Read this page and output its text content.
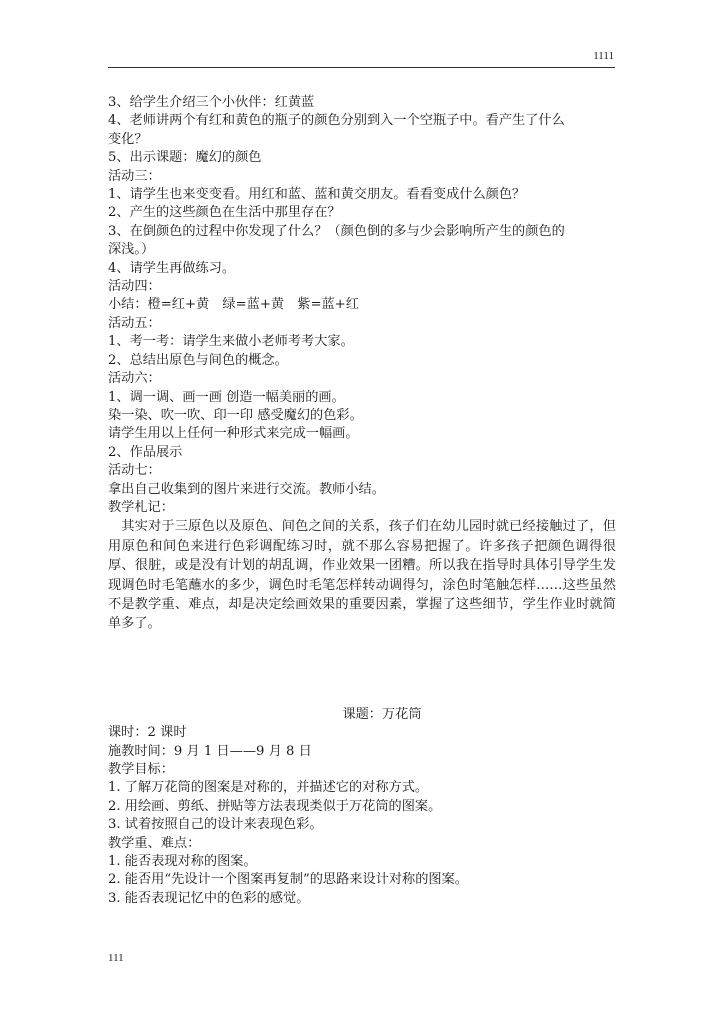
1111
3、给学生介绍三个小伙伴：红黄蓝
4、老师讲两个有红和黄色的瓶子的颜色分别到入一个空瓶子中。看产生了什么
变化？
5、出示课题：魔幻的颜色
活动三：
1、请学生也来变变看。用红和蓝、蓝和黄交朋友。看看变成什么颜色？
2、产生的这些颜色在生活中那里存在？
3、在倒颜色的过程中你发现了什么？（颜色倒的多与少会影响所产生的颜色的
深浅。）
4、请学生再做练习。
活动四：
小结：橙=红+黄　绿=蓝+黄　紫=蓝+红
活动五：
1、考一考：请学生来做小老师考考大家。
2、总结出原色与间色的概念。
活动六：
1、调一调、画一画 创造一幅美丽的画。
染一染、吹一吹、印一印 感受魔幻的色彩。
请学生用以上任何一种形式来完成一幅画。
2、作品展示
活动七：
拿出自己收集到的图片来进行交流。教师小结。
教学札记：
其实对于三原色以及原色、间色之间的关系，孩子们在幼儿园时就已经接触过了，但用原色和间色来进行色彩调配练习时，就不那么容易把握了。许多孩子把颜色调得很厚、很脏，或是没有计划的胡乱调，作业效果一团糟。所以我在指导时具体引导学生发现调色时毛笔蘸水的多少，调色时毛笔怎样转动调得匀，涂色时笔触怎样……这些虽然不是教学重、难点，却是决定绘画效果的重要因素，掌握了这些细节，学生作业时就简单多了。
课题：万花筒
课时：2 课时
施教时间：9 月 1 日——9 月 8 日
教学目标：
1. 了解万花筒的图案是对称的，并描述它的对称方式。
2. 用绘画、剪纸、拼贴等方法表现类似于万花筒的图案。
3. 试着按照自己的设计来表现色彩。
教学重、难点：
1. 能否表现对称的图案。
2. 能否用“先设计一个图案再复制”的思路来设计对称的图案。
3. 能否表现记忆中的色彩的感觉。
111
